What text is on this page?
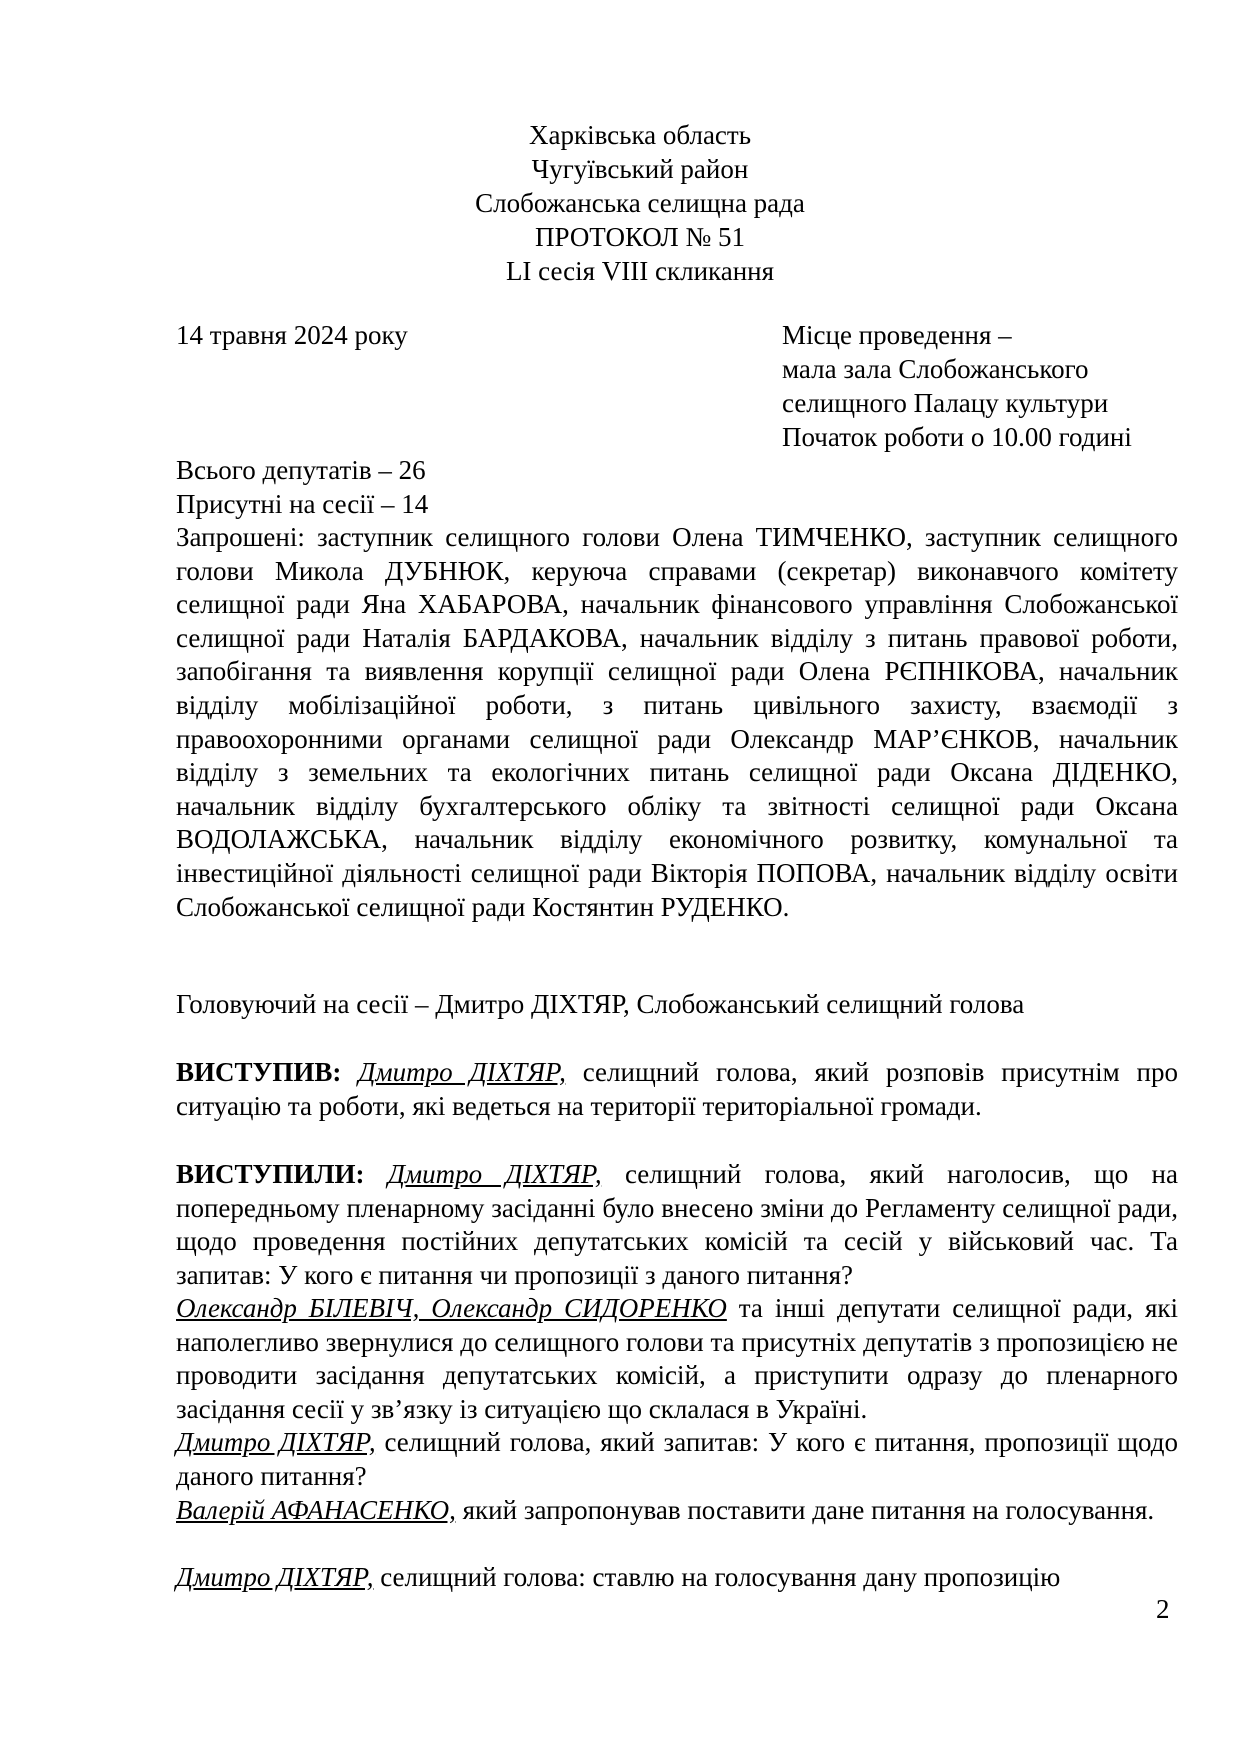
Харківська область
Чугуївський район
Слобожанська селищна рада
ПРОТОКОЛ № 51
LI сесія VIII скликання
14 травня 2024 року	Місце проведення –
мала зала Слобожанського
селищного Палацу культури
Початок роботи о 10.00 годині
Всього депутатів – 26
Присутні на сесії – 14
Запрошені: заступник селищного голови Олена ТИМЧЕНКО, заступник селищного голови Микола ДУБНЮК, керуюча справами (секретар) виконавчого комітету селищної ради Яна ХАБАРОВА, начальник фінансового управління Слобожанської селищної ради Наталія БАРДАКОВА, начальник відділу з питань правової роботи, запобігання та виявлення корупції селищної ради Олена РЄПНІКОВА, начальник відділу мобілізаційної роботи, з питань цивільного захисту, взаємодії з правоохоронними органами селищної ради Олександр МАР’ЄНКОВ, начальник відділу з земельних та екологічних питань селищної ради Оксана ДІДЕНКО, начальник відділу бухгалтерського обліку та звітності селищної ради Оксана ВОДОЛАЖСЬКА, начальник відділу економічного розвитку, комунальної та інвестиційної діяльності селищної ради Вікторія ПОПОВА, начальник відділу освіти Слобожанської селищної ради Костянтин РУДЕНКО.
Головуючий на сесії – Дмитро ДІХТЯР, Слобожанський селищний голова
ВИСТУПИВ: Дмитро ДІХТЯР, селищний голова, який розповів присутнім про ситуацію та роботи, які ведеться на території територіальної громади.
ВИСТУПИЛИ: Дмитро ДІХТЯР, селищний голова, який наголосив, що на попередньому пленарному засіданні було внесено зміни до Регламенту селищної ради, щодо проведення постійних депутатських комісій та сесій у військовий час. Та запитав: У кого є питання чи пропозиції з даного питання?
Олександр БІЛЕВІЧ, Олександр СИДОРЕНКО та інші депутати селищної ради, які наполегливо звернулися до селищного голови та присутніх депутатів з пропозицією не проводити засідання депутатських комісій, а приступити одразу до пленарного засідання сесії у зв’язку із ситуацією що склалася в Україні.
Дмитро ДІХТЯР, селищний голова, який запитав: У кого є питання, пропозиції щодо даного питання?
Валерій АФАНАСЕНКО, який запропонував поставити дане питання на голосування.
Дмитро ДІХТЯР, селищний голова: ставлю на голосування дану пропозицію
2
